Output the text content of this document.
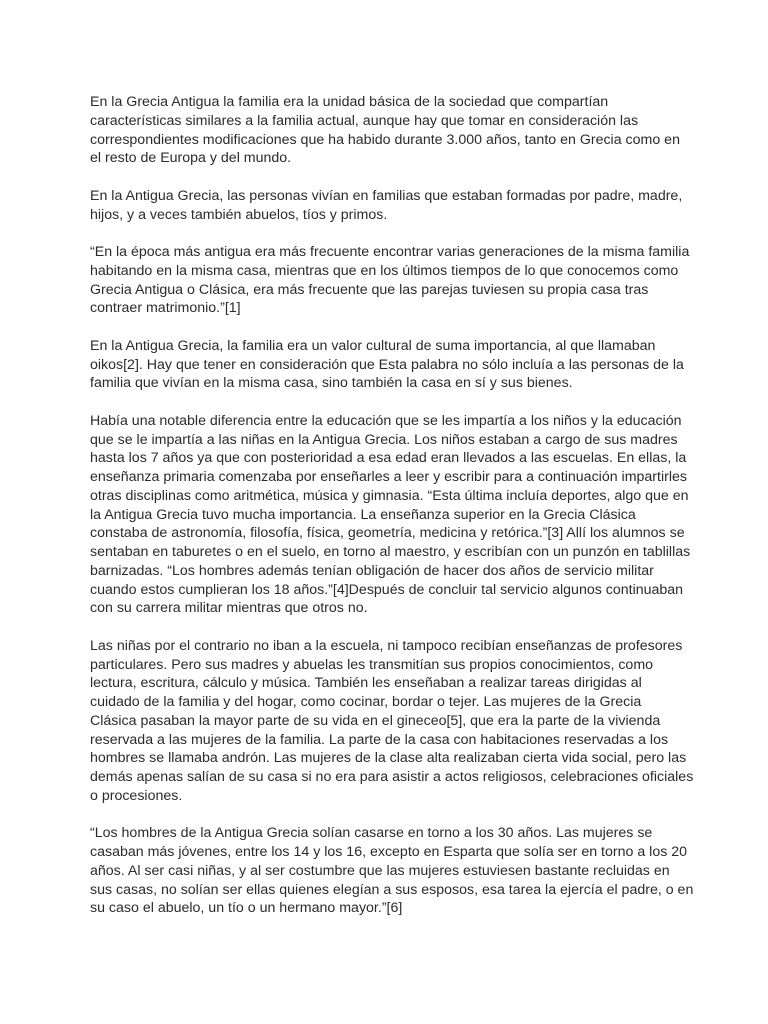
En la Grecia Antigua la familia era la unidad básica de la sociedad que compartían
características similares a la familia actual, aunque hay que tomar en consideración las
correspondientes modificaciones que ha habido durante 3.000 años, tanto en Grecia como en
el resto de Europa y del mundo.

En la Antigua Grecia, las personas vivían en familias que estaban formadas por padre, madre,
hijos, y a veces también abuelos, tíos y primos.

“En la época más antigua era más frecuente encontrar varias generaciones de la misma familia
habitando en la misma casa, mientras que en los últimos tiempos de lo que conocemos como
Grecia Antigua o Clásica, era más frecuente que las parejas tuviesen su propia casa tras
contraer matrimonio.”[1]

En la Antigua Grecia, la familia era un valor cultural de suma importancia, al que llamaban
oikos[2]. Hay que tener en consideración que Esta palabra no sólo incluía a las personas de la
familia que vivían en la misma casa, sino también la casa en sí y sus bienes.

Había una notable diferencia entre la educación que se les impartía a los niños y la educación
que se le impartía a las niñas en la Antigua Grecia. Los niños estaban a cargo de sus madres
hasta los 7 años ya que con posterioridad a esa edad eran llevados a las escuelas. En ellas, la
enseñanza primaria comenzaba por enseñarles a leer y escribir para a continuación impartirles
otras disciplinas como aritmética, música y gimnasia. “Esta última incluía deportes, algo que en
la Antigua Grecia tuvo mucha importancia. La enseñanza superior en la Grecia Clásica
constaba de astronomía, filosofía, física, geometría, medicina y retórica.”[3] Allí los alumnos se
sentaban en taburetes o en el suelo, en torno al maestro, y escribían con un punzón en tablillas
barnizadas. “Los hombres además tenían obligación de hacer dos años de servicio militar
cuando estos cumplieran los 18 años.”[4]Después de concluir tal servicio algunos continuaban
con su carrera militar mientras que otros no.

Las niñas por el contrario no iban a la escuela, ni tampoco recibían enseñanzas de profesores
particulares. Pero sus madres y abuelas les transmitían sus propios conocimientos, como
lectura, escritura, cálculo y música. También les enseñaban a realizar tareas dirigidas al
cuidado de la familia y del hogar, como cocinar, bordar o tejer. Las mujeres de la Grecia
Clásica pasaban la mayor parte de su vida en el gineceo[5], que era la parte de la vivienda
reservada a las mujeres de la familia. La parte de la casa con habitaciones reservadas a los
hombres se llamaba andrón. Las mujeres de la clase alta realizaban cierta vida social, pero las
demás apenas salían de su casa si no era para asistir a actos religiosos, celebraciones oficiales
o procesiones.

“Los hombres de la Antigua Grecia solían casarse en torno a los 30 años. Las mujeres se
casaban más jóvenes, entre los 14 y los 16, excepto en Esparta que solía ser en torno a los 20
años. Al ser casi niñas, y al ser costumbre que las mujeres estuviesen bastante recluidas en
sus casas, no solían ser ellas quienes elegían a sus esposos, esa tarea la ejercía el padre, o en
su caso el abuelo, un tío o un hermano mayor.”[6]
